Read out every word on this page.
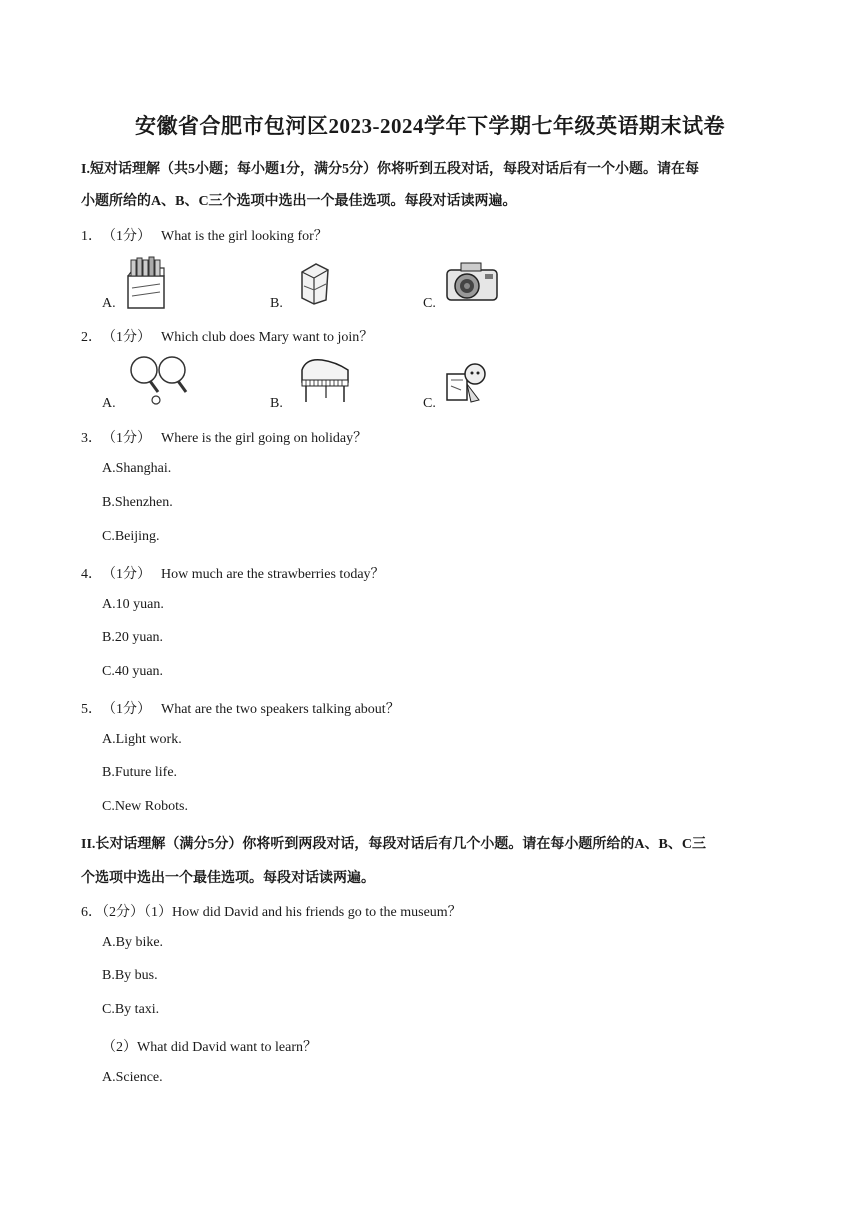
安徽省合肥市包河区2023-2024学年下学期七年级英语期末试卷
I.短对话理解（共5小题；每小题1分，满分5分）你将听到五段对话，每段对话后有一个小题。请在每
小题所给的A、B、C三个选项中选出一个最佳选项。每段对话读两遍。
1．（1分） What is the girl looking for？
A.	B.	C.
2．（1分） Which club does Mary want to join？
A.	B.	C.
3．（1分） Where is the girl going on holiday？
A.Shanghai.
B.Shenzhen.
C.Beijing.
4．（1分） How much are the strawberries today？
A.10 yuan.
B.20 yuan.
C.40 yuan.
5．（1分） What are the two speakers talking about？
A.Light work.
B.Future life.
C.New Robots.
II.长对话理解（满分5分）你将听到两段对话，每段对话后有几个小题。请在每小题所给的A、B、C三
个选项中选出一个最佳选项。每段对话读两遍。
6．（2分）（1）How did David and his friends go to the museum？
A.By bike.
B.By bus.
C.By taxi.
（2）What did David want to learn？
A.Science.
